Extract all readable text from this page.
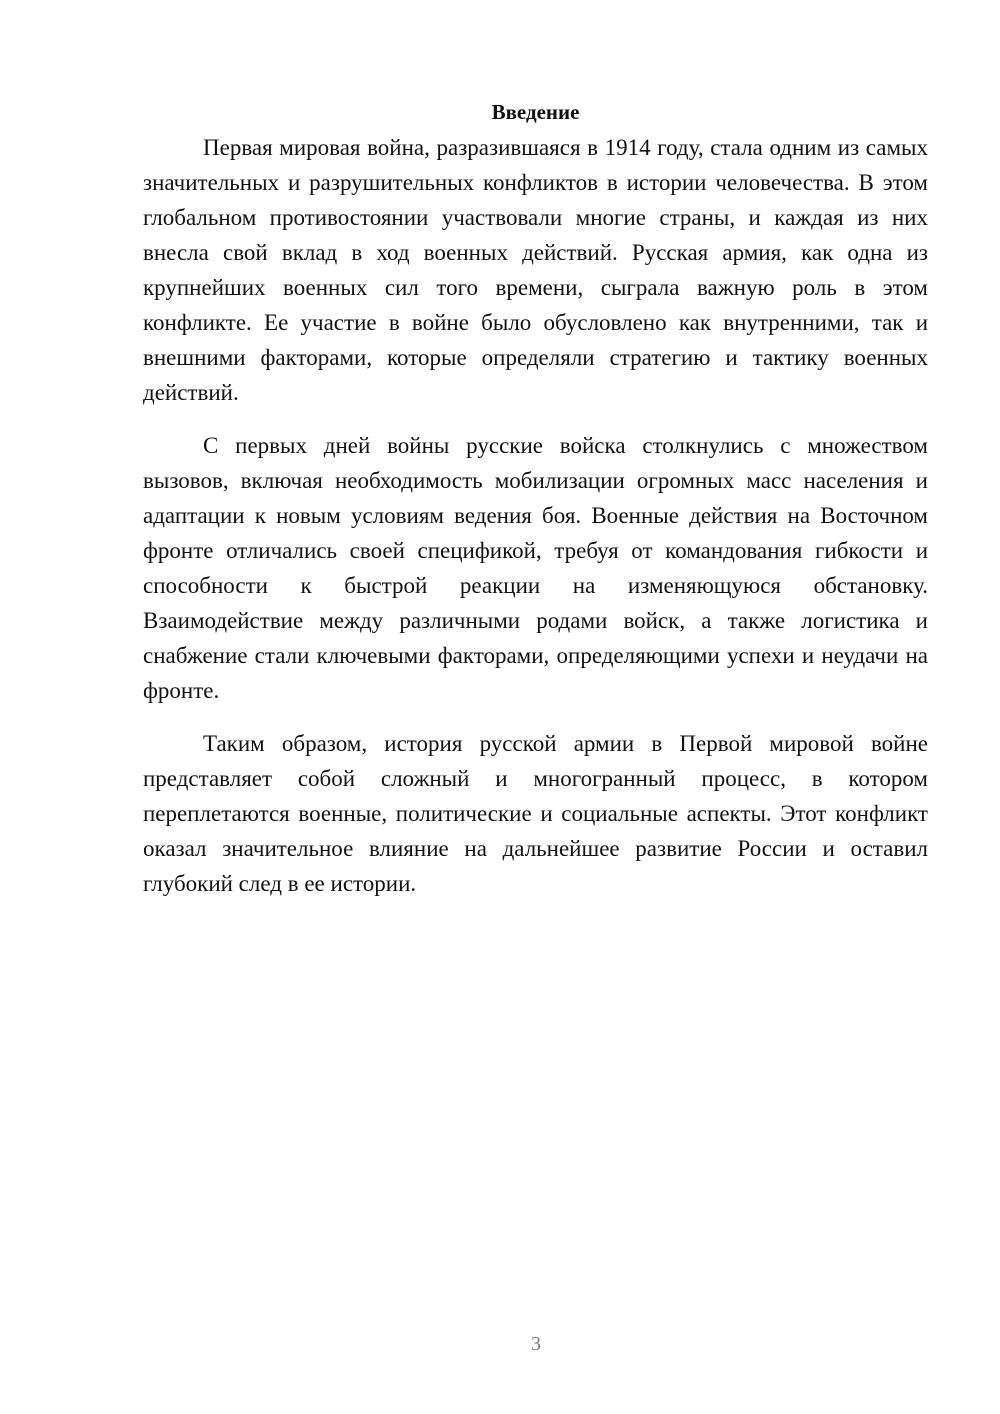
Введение

Первая мировая война, разразившаяся в 1914 году, стала одним из самых значительных и разрушительных конфликтов в истории человечества. В этом глобальном противостоянии участвовали многие страны, и каждая из них внесла свой вклад в ход военных действий. Русская армия, как одна из крупнейших военных сил того времени, сыграла важную роль в этом конфликте. Ее участие в войне было обусловлено как внутренними, так и внешними факторами, которые определяли стратегию и тактику военных действий.

С первых дней войны русские войска столкнулись с множеством вызовов, включая необходимость мобилизации огромных масс населения и адаптации к новым условиям ведения боя. Военные действия на Восточном фронте отличались своей спецификой, требуя от командования гибкости и способности к быстрой реакции на изменяющуюся обстановку. Взаимодействие между различными родами войск, а также логистика и снабжение стали ключевыми факторами, определяющими успехи и неудачи на фронте.

Таким образом, история русской армии в Первой мировой войне представляет собой сложный и многогранный процесс, в котором переплетаются военные, политические и социальные аспекты. Этот конфликт оказал значительное влияние на дальнейшее развитие России и оставил глубокий след в ее истории.

3
